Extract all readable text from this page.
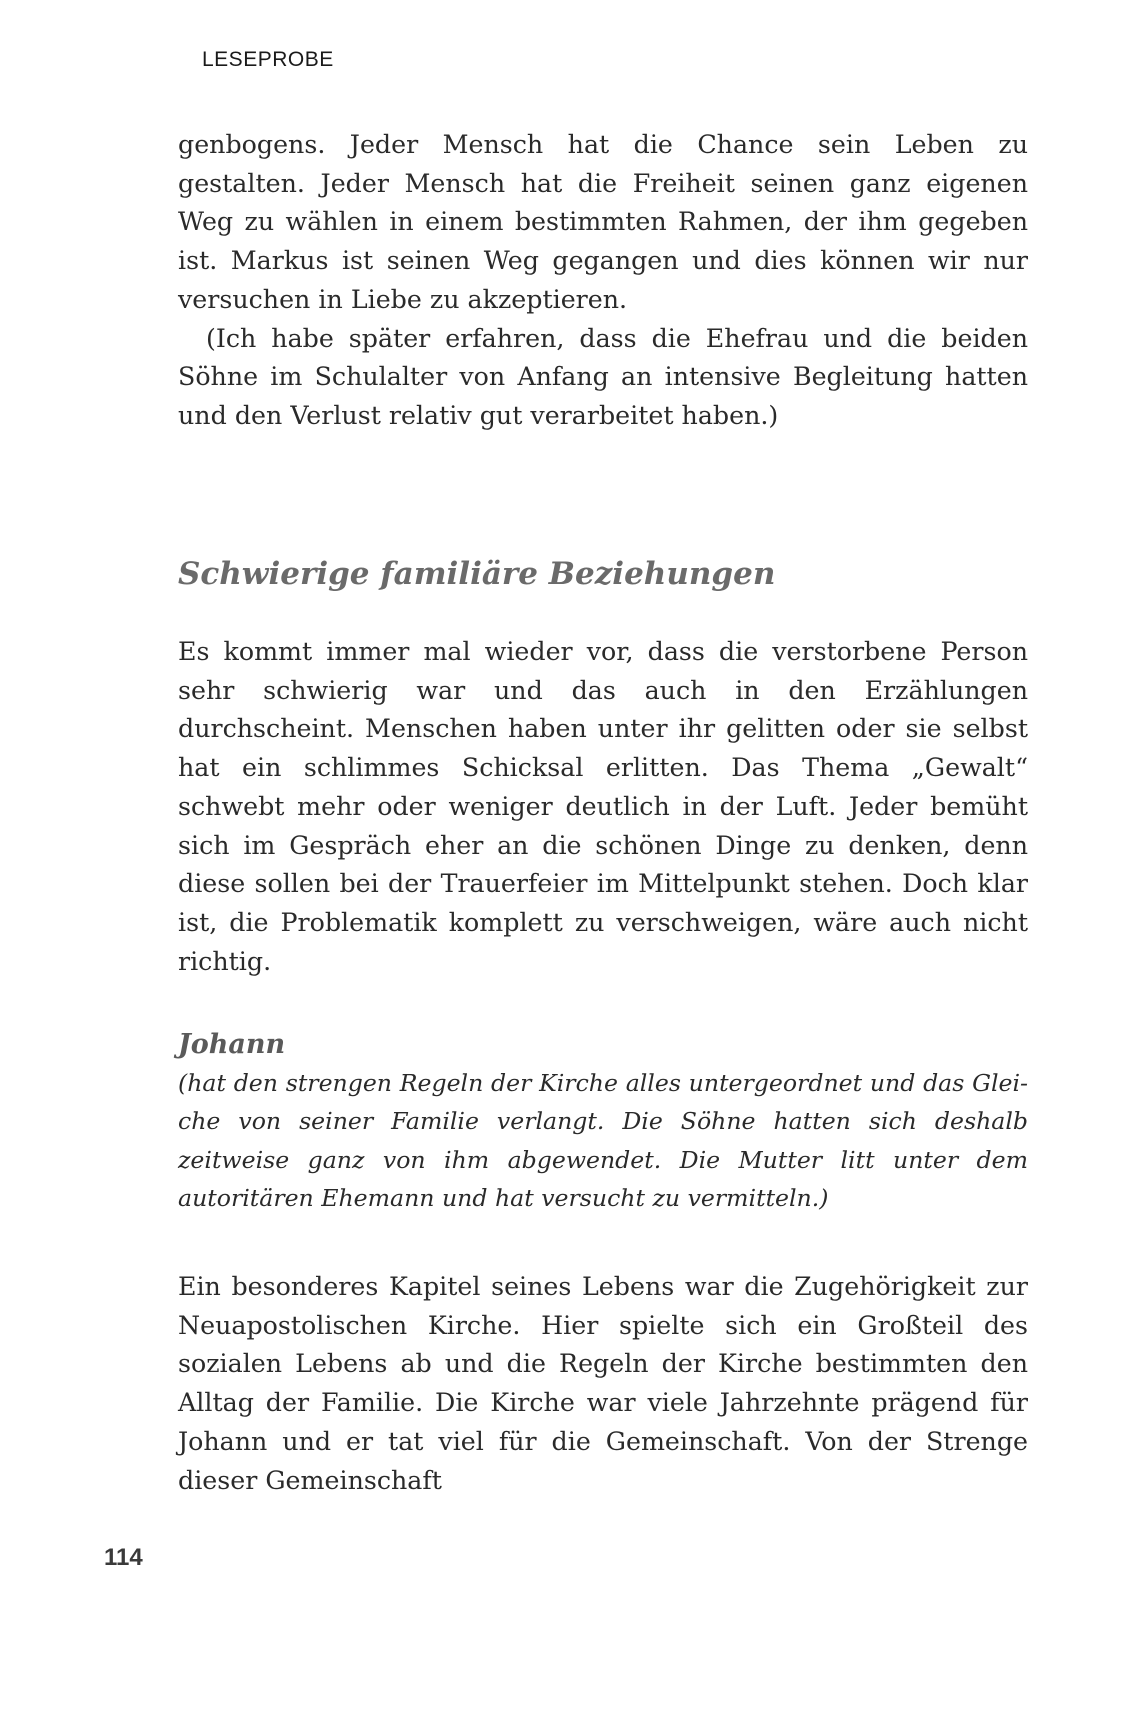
LESEPROBE

genbogens. Jeder Mensch hat die Chance sein Leben zu gestalten. Jeder Mensch hat die Freiheit seinen ganz eigenen Weg zu wählen in einem bestimmten Rahmen, der ihm gegeben ist. Markus ist seinen Weg gegangen und dies können wir nur versuchen in Liebe zu akzeptieren.

(Ich habe später erfahren, dass die Ehefrau und die beiden Söhne im Schulalter von Anfang an intensive Begleitung hatten und den Verlust relativ gut verarbeitet haben.)

Schwierige familiäre Beziehungen

Es kommt immer mal wieder vor, dass die verstorbene Person sehr schwierig war und das auch in den Erzählungen durchscheint. Menschen haben unter ihr gelitten oder sie selbst hat ein schlimmes Schicksal erlitten. Das Thema „Gewalt“ schwebt mehr oder weniger deutlich in der Luft. Jeder bemüht sich im Gespräch eher an die schönen Dinge zu denken, denn diese sollen bei der Trauerfeier im Mittelpunkt stehen. Doch klar ist, die Problematik komplett zu verschweigen, wäre auch nicht richtig.

Johann

(hat den strengen Regeln der Kirche alles untergeordnet und das Gleiche von seiner Familie verlangt. Die Söhne hatten sich deshalb zeitweise ganz von ihm abgewendet. Die Mutter litt unter dem autoritären Ehemann und hat versucht zu vermitteln.)

Ein besonderes Kapitel seines Lebens war die Zugehörigkeit zur Neuapostolischen Kirche. Hier spielte sich ein Großteil des sozialen Lebens ab und die Regeln der Kirche bestimmten den Alltag der Familie. Die Kirche war viele Jahrzehnte prägend für Johann und er tat viel für die Gemeinschaft. Von der Strenge dieser Gemeinschaft

114
